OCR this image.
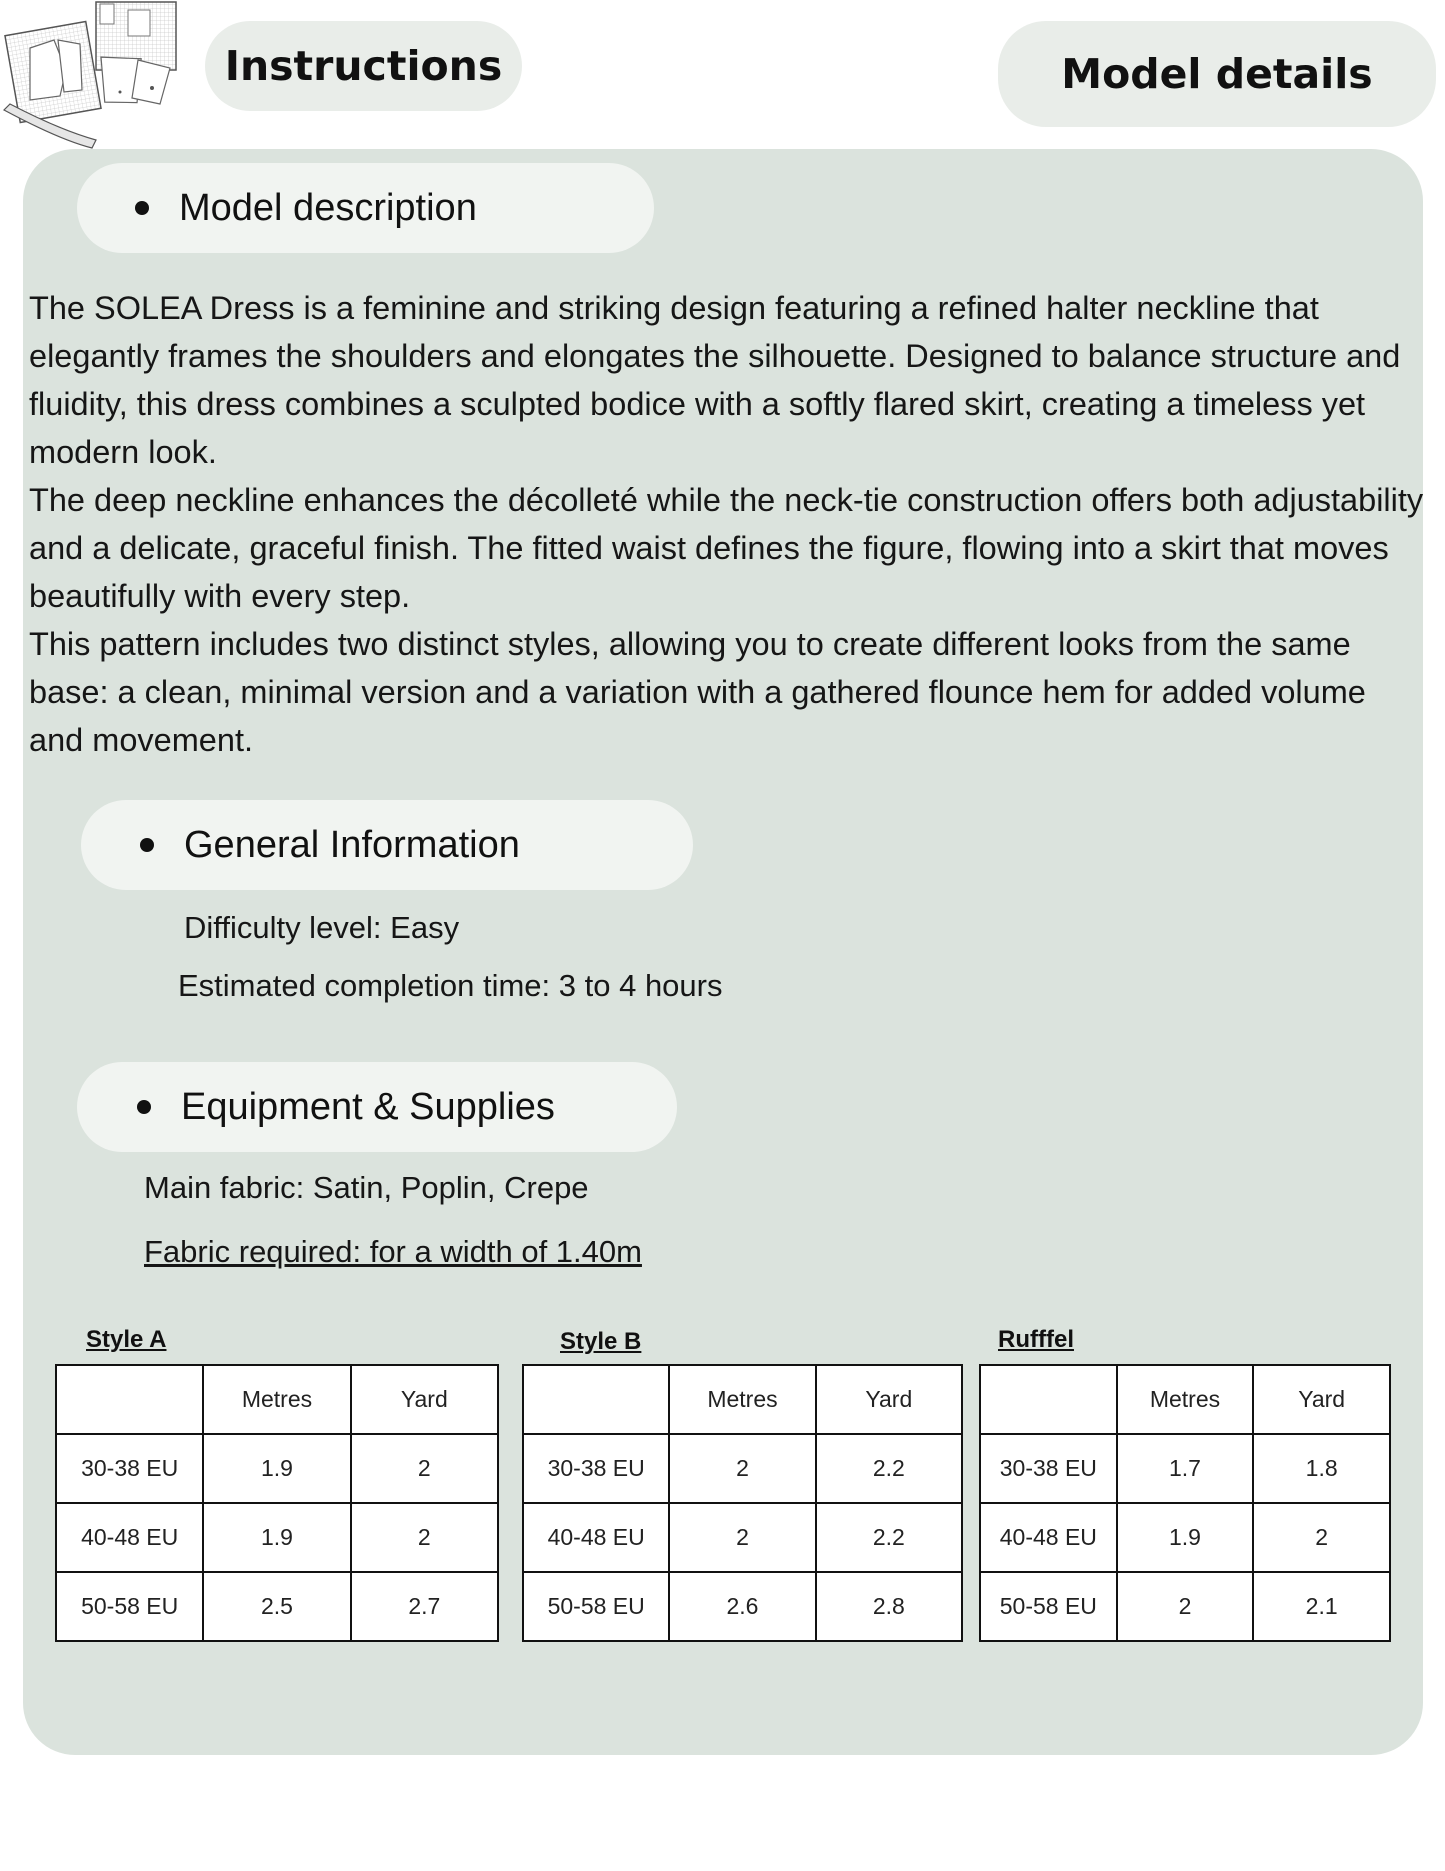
Instructions	Model details
Model description

The SOLEA Dress is a feminine and striking design featuring a refined halter neckline that elegantly frames the shoulders and elongates the silhouette. Designed to balance structure and fluidity, this dress combines a sculpted bodice with a softly flared skirt, creating a timeless yet modern look.

The deep neckline enhances the décolleté while the neck-tie construction offers both adjustability and a delicate, graceful finish. The fitted waist defines the figure, flowing into a skirt that moves beautifully with every step.

This pattern includes two distinct styles, allowing you to create different looks from the same base: a clean, minimal version and a variation with a gathered flounce hem for added volume and movement.

General Information
Difficulty level: Easy
Estimated completion time: 3 to 4 hours
Equipment & Supplies
Main fabric: Satin, Poplin, Crepe
Fabric required: for a width of 1.40m
Style A	Style B	Rufffel
	Metres	Yard
30-38 EU	1.9	2
40-48 EU	1.9	2
50-58 EU	2.5	2.7
	Metres	Yard
30-38 EU	2	2.2
40-48 EU	2	2.2
50-58 EU	2.6	2.8
	Metres	Yard
30-38 EU	1.7	1.8
40-48 EU	1.9	2
50-58 EU	2	2.1
